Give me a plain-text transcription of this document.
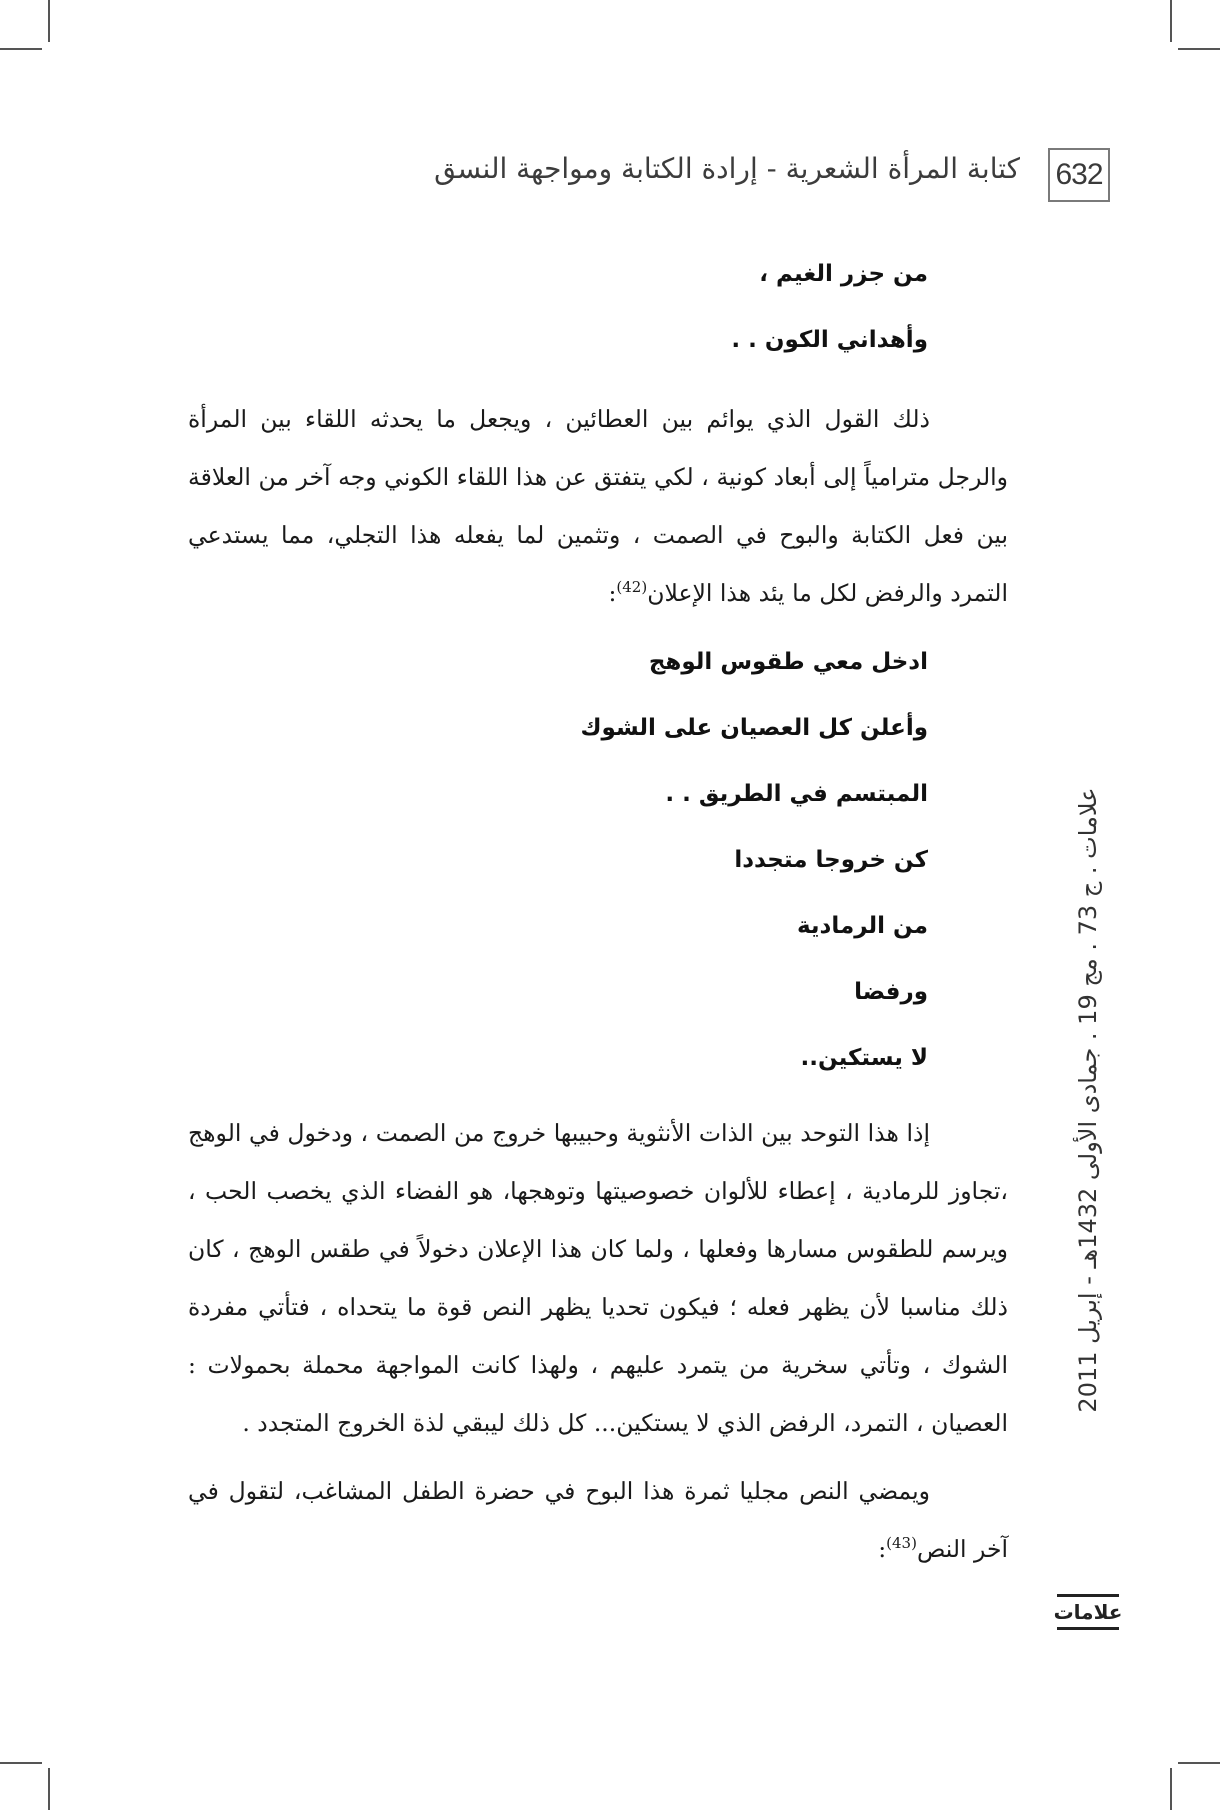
632
كتابة المرأة الشعرية - إرادة الكتابة ومواجهة النسق
من جزر الغيم ،
وأهداني الكون . .

ذلك القول الذي يوائم بين العطائين ، ويجعل ما يحدثه اللقاء بين المرأة والرجل مترامياً إلى أبعاد كونية ، لكي يتفتق عن هذا اللقاء الكوني وجه آخر من العلاقة بين فعل الكتابة والبوح في الصمت ، وتثمين لما يفعله هذا التجلي، مما يستدعي التمرد والرفض لكل ما يئد هذا الإعلان$^{(42)}$:

ادخل معي طقوس الوهج
وأعلن كل العصيان على الشوك
المبتسم في الطريق . .
كن خروجا متجددا
من الرمادية
ورفضا
لا يستكين..

إذا هذا التوحد بين الذات الأنثوية وحبيبها خروج من الصمت ، ودخول في الوهج ،تجاوز للرمادية ، إعطاء للألوان خصوصيتها وتوهجها، هو الفضاء الذي يخصب الحب ، ويرسم للطقوس مسارها وفعلها ، ولما كان هذا الإعلان دخولاً في طقس الوهج ، كان ذلك مناسبا لأن يظهر فعله ؛ فيكون تحديا يظهر النص قوة ما يتحداه ، فتأتي مفردة الشوك ، وتأتي سخرية من يتمرد عليهم ، ولهذا كانت المواجهة محملة بحمولات : العصيان ، التمرد، الرفض الذي لا يستكين... كل ذلك ليبقي لذة الخروج المتجدد .

ويمضي النص مجليا ثمرة هذا البوح في حضرة الطفل المشاغب، لتقول في آخر النص$^{(43)}$:

علامات . ج 73 . مج 19 . جمادى الأولى 1432هـ - إبريل 2011
علامات
